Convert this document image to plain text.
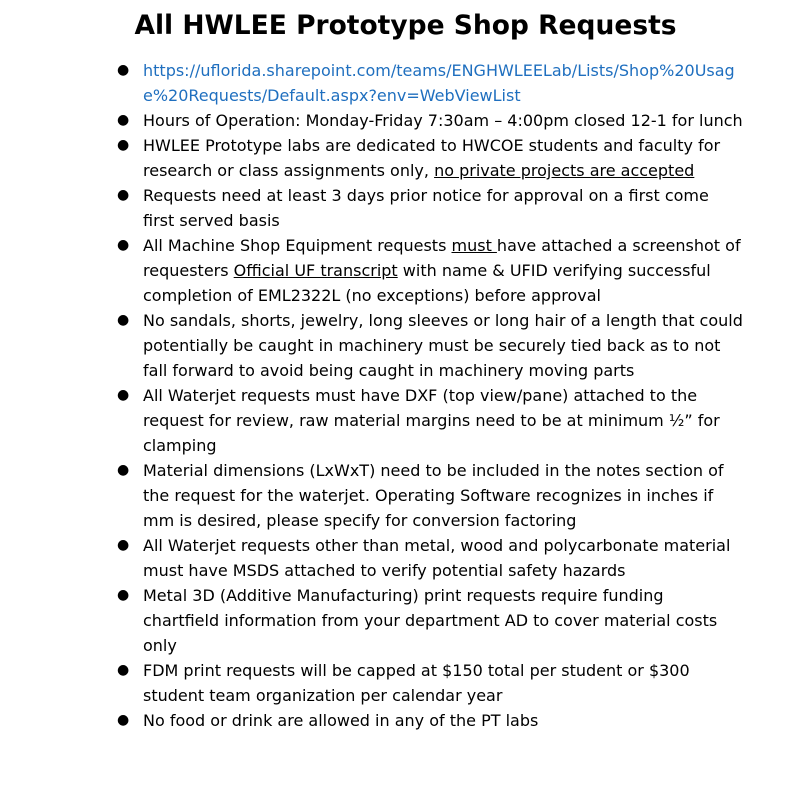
All HWLEE Prototype Shop Requests
● https://uflorida.sharepoint.com/teams/ENGHWLEELab/Lists/Shop%20Usage%20Requests/Default.aspx?env=WebViewList
● Hours of Operation: Monday-Friday 7:30am – 4:00pm closed 12-1 for lunch
● HWLEE Prototype labs are dedicated to HWCOE students and faculty for research or class assignments only, no private projects are accepted
● Requests need at least 3 days prior notice for approval on a first come first served basis
● All Machine Shop Equipment requests must have attached a screenshot of requesters Official UF transcript with name & UFID verifying successful completion of EML2322L (no exceptions) before approval
● No sandals, shorts, jewelry, long sleeves or long hair of a length that could potentially be caught in machinery must be securely tied back as to not fall forward to avoid being caught in machinery moving parts
● All Waterjet requests must have DXF (top view/pane) attached to the request for review, raw material margins need to be at minimum ½” for clamping
● Material dimensions (LxWxT) need to be included in the notes section of the request for the waterjet. Operating Software recognizes in inches if mm is desired, please specify for conversion factoring
● All Waterjet requests other than metal, wood and polycarbonate material must have MSDS attached to verify potential safety hazards
● Metal 3D (Additive Manufacturing) print requests require funding chartfield information from your department AD to cover material costs only
● FDM print requests will be capped at $150 total per student or $300 student team organization per calendar year
● No food or drink are allowed in any of the PT labs
